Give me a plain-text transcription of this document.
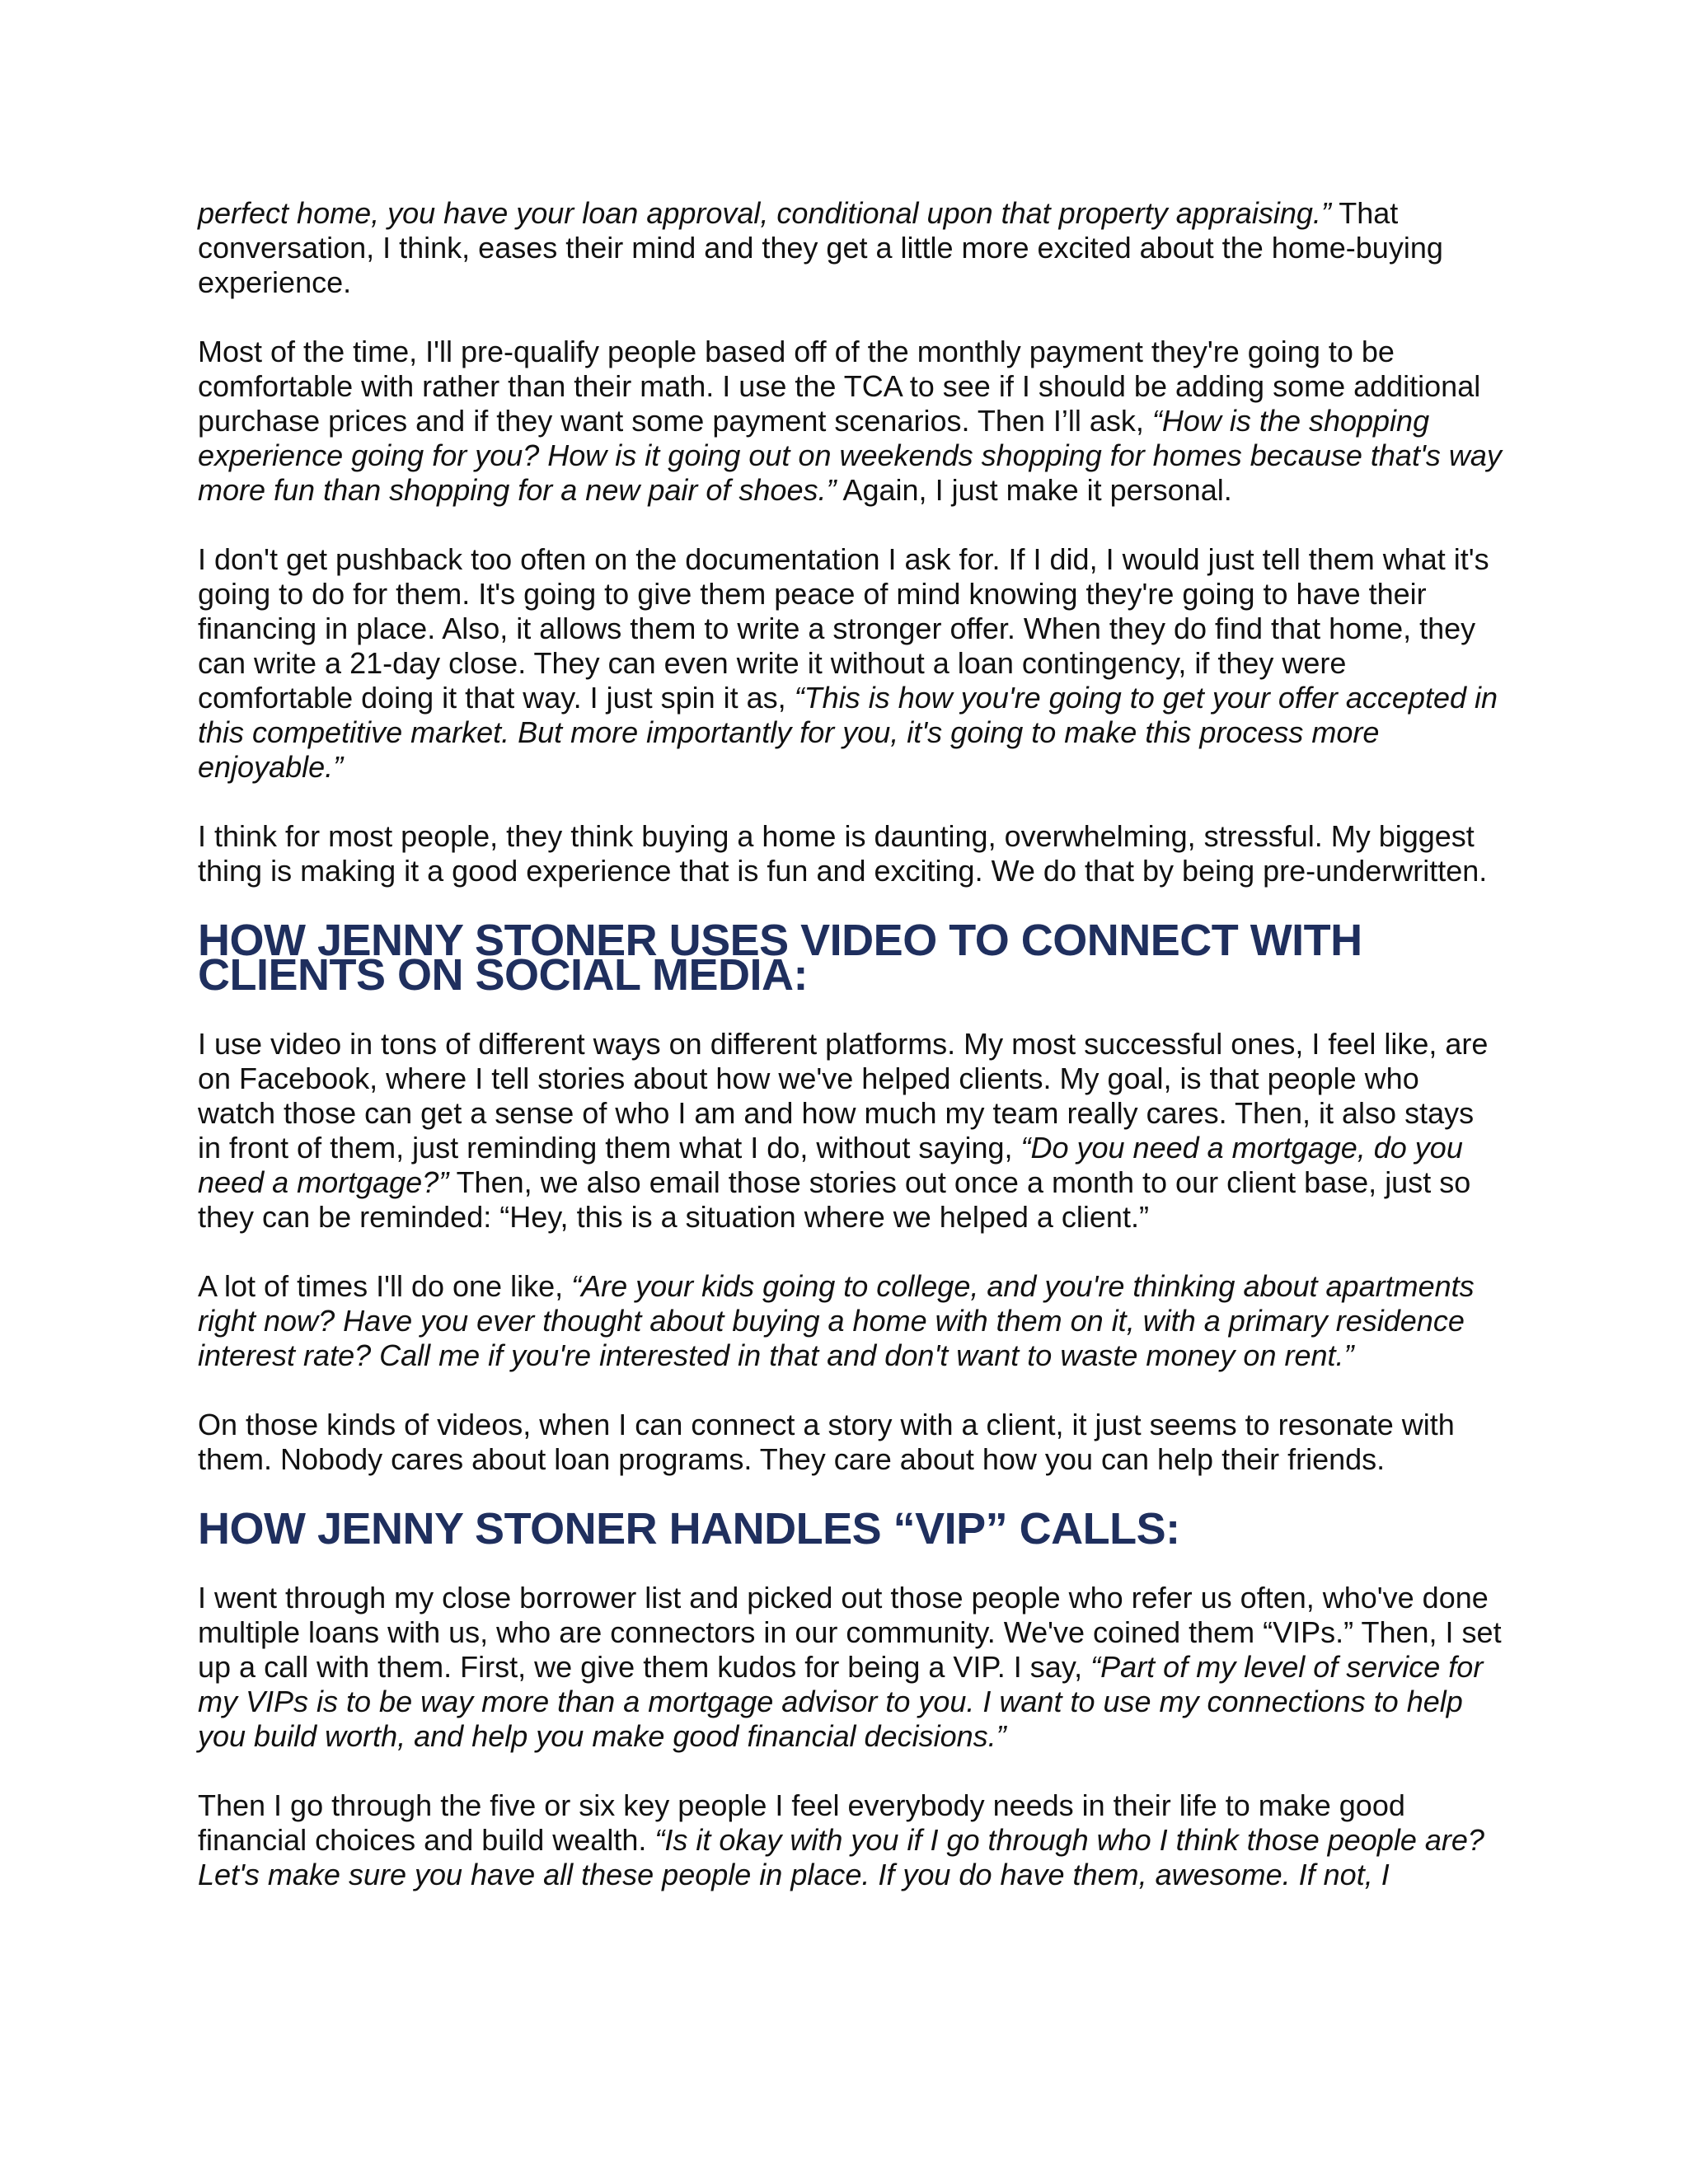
perfect home, you have your loan approval, conditional upon that property appraising.” That conversation, I think, eases their mind and they get a little more excited about the home-buying experience.

Most of the time, I'll pre-qualify people based off of the monthly payment they're going to be comfortable with rather than their math. I use the TCA to see if I should be adding some additional purchase prices and if they want some payment scenarios. Then I’ll ask, “How is the shopping experience going for you? How is it going out on weekends shopping for homes because that's way more fun than shopping for a new pair of shoes.” Again, I just make it personal.

I don't get pushback too often on the documentation I ask for. If I did, I would just tell them what it's going to do for them. It's going to give them peace of mind knowing they're going to have their financing in place. Also, it allows them to write a stronger offer. When they do find that home, they can write a 21-day close. They can even write it without a loan contingency, if they were comfortable doing it that way. I just spin it as, “This is how you're going to get your offer accepted in this competitive market. But more importantly for you, it's going to make this process more enjoyable.”

I think for most people, they think buying a home is daunting, overwhelming, stressful. My biggest thing is making it a good experience that is fun and exciting. We do that by being pre-underwritten.

HOW JENNY STONER USES VIDEO TO CONNECT WITH CLIENTS ON SOCIAL MEDIA:

I use video in tons of different ways on different platforms. My most successful ones, I feel like, are on Facebook, where I tell stories about how we've helped clients. My goal, is that people who watch those can get a sense of who I am and how much my team really cares. Then, it also stays in front of them, just reminding them what I do, without saying, “Do you need a mortgage, do you need a mortgage?” Then, we also email those stories out once a month to our client base, just so they can be reminded: “Hey, this is a situation where we helped a client.”

A lot of times I'll do one like, “Are your kids going to college, and you're thinking about apartments right now? Have you ever thought about buying a home with them on it, with a primary residence interest rate? Call me if you're interested in that and don't want to waste money on rent.”

On those kinds of videos, when I can connect a story with a client, it just seems to resonate with them. Nobody cares about loan programs. They care about how you can help their friends.

HOW JENNY STONER HANDLES “VIP” CALLS:

I went through my close borrower list and picked out those people who refer us often, who've done multiple loans with us, who are connectors in our community. We've coined them “VIPs.” Then, I set up a call with them. First, we give them kudos for being a VIP. I say, “Part of my level of service for my VIPs is to be way more than a mortgage advisor to you. I want to use my connections to help you build worth, and help you make good financial decisions.”

Then I go through the five or six key people I feel everybody needs in their life to make good financial choices and build wealth. “Is it okay with you if I go through who I think those people are? Let's make sure you have all these people in place. If you do have them, awesome. If not, I
